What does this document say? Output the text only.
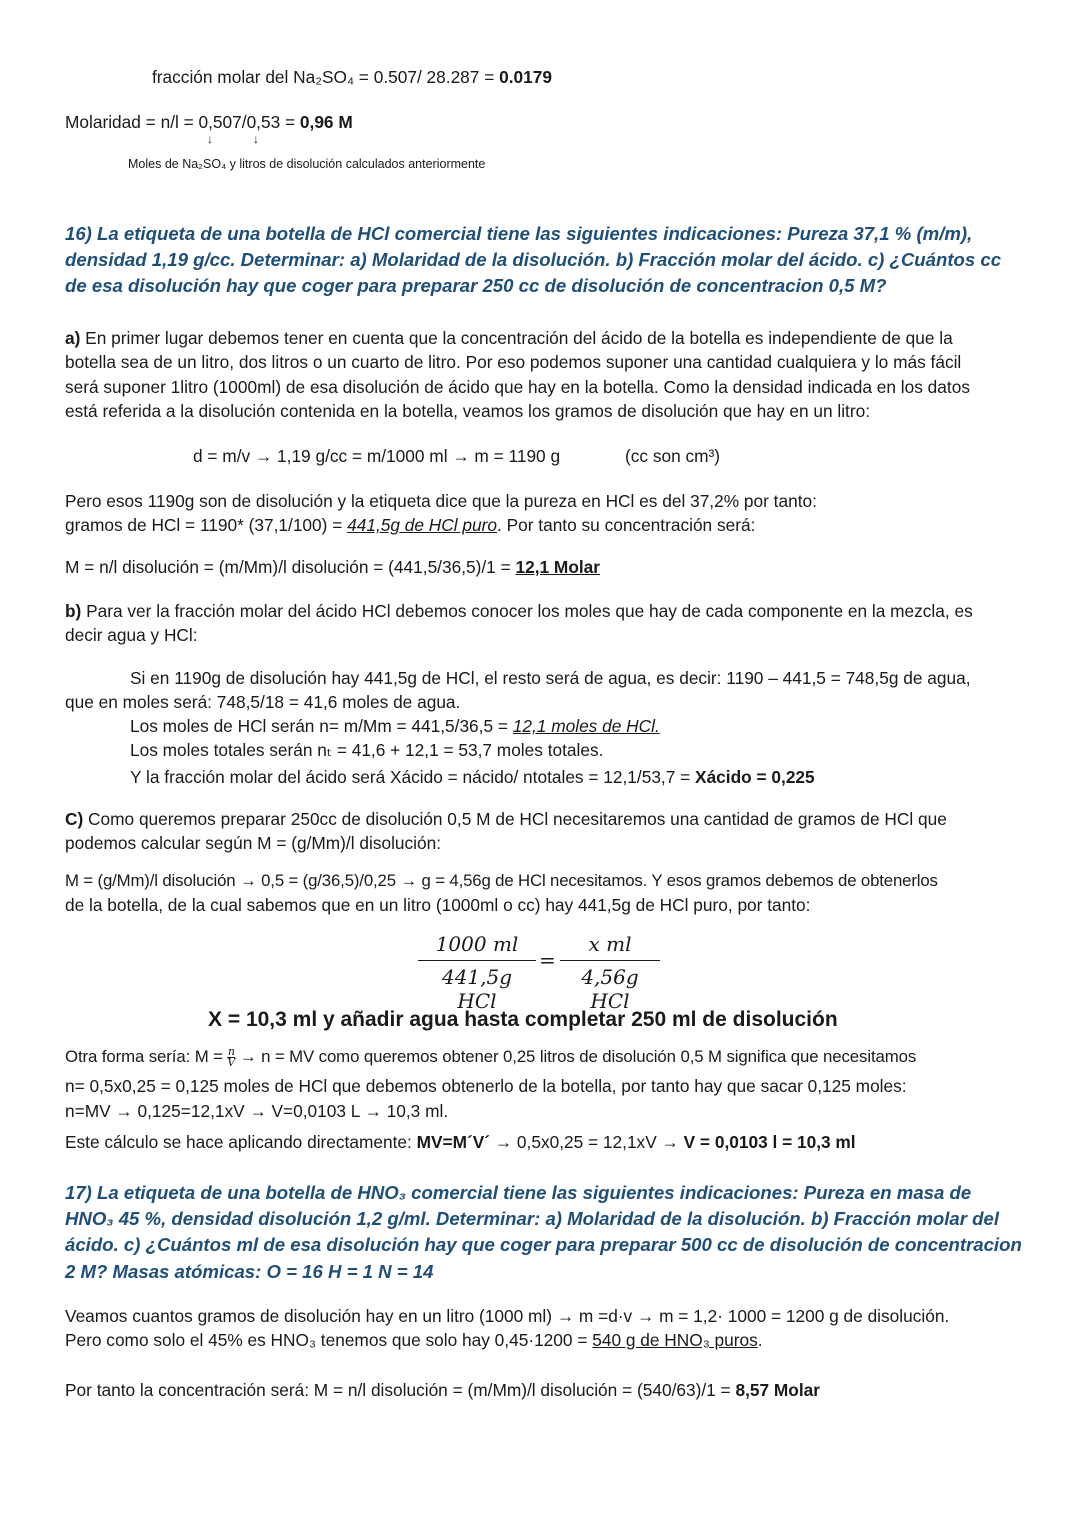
fracción molar del Na₂SO₄ = 0.507/ 28.287 = 0.0179
Molaridad = n/l = 0,507/0,53 = 0,96 M
↓	↓
Moles de Na₂SO₄ y litros de disolución calculados anteriormente
16) La etiqueta de una botella de HCl comercial tiene las siguientes indicaciones: Pureza 37,1 % (m/m),
densidad 1,19 g/cc. Determinar: a) Molaridad de la disolución. b) Fracción molar del ácido. c) ¿Cuántos cc
de esa disolución hay que coger para preparar 250 cc de disolución de concentracion 0,5 M?
a) En primer lugar debemos tener en cuenta que la concentración del ácido de la botella es independiente de que la
botella sea de un litro, dos litros o un cuarto de litro. Por eso podemos suponer una cantidad cualquiera y lo más fácil
será suponer 1litro (1000ml) de esa disolución de ácido que hay en la botella. Como la densidad indicada en los datos
está referida a la disolución contenida en la botella, veamos los gramos de disolución que hay en un litro:
d = m/v → 1,19 g/cc = m/1000 ml → m = 1190 g	(cc son cm³)
Pero esos 1190g son de disolución y la etiqueta dice que la pureza en HCl es del 37,2% por tanto:
gramos de HCl = 1190* (37,1/100) = 441,5g de HCl puro. Por tanto su concentración será:
M = n/l disolución = (m/Mm)/l disolución = (441,5/36,5)/1 = 12,1 Molar
b) Para ver la fracción molar del ácido HCl debemos conocer los moles que hay de cada componente en la mezcla, es
decir agua y HCl:
Si en 1190g de disolución hay 441,5g de HCl, el resto será de agua, es decir: 1190 – 441,5 = 748,5g de agua,
que en moles será: 748,5/18 = 41,6 moles de agua.
Los moles de HCl serán n= m/Mm = 441,5/36,5 = 12,1 moles de HCl.
Los moles totales serán nₜ = 41,6 + 12,1 = 53,7 moles totales.
Y la fracción molar del ácido será Xácido = nácido/ ntotales = 12,1/53,7 = Xácido = 0,225
C) Como queremos preparar 250cc de disolución 0,5 M de HCl necesitaremos una cantidad de gramos de HCl que
podemos calcular según M = (g/Mm)/l disolución:
M = (g/Mm)/l disolución → 0,5 = (g/36,5)/0,25 → g = 4,56g de HCl necesitamos. Y esos gramos debemos de obtenerlos
de la botella, de la cual sabemos que en un litro (1000ml o cc) hay 441,5g de HCl puro, por tanto:
1000 ml
441,5g HCl
=
x ml
4,56g HCl
X = 10,3 ml y añadir agua hasta completar 250 ml de disolución
Otra forma sería: $M = \frac{n}{V} \to n$ = MV como queremos obtener 0,25 litros de disolución 0,5 M significa que necesitamos
n= 0,5x0,25 = 0,125 moles de HCl que debemos obtenerlo de la botella, por tanto hay que sacar 0,125 moles:
n=MV → 0,125=12,1xV → V=0,0103 L → 10,3 ml.
Este cálculo se hace aplicando directamente: MV=M´V´ → 0,5x0,25 = 12,1xV → V = 0,0103 l = 10,3 ml
17) La etiqueta de una botella de HNO₃ comercial tiene las siguientes indicaciones: Pureza en masa de
HNO₃ 45 %, densidad disolución 1,2 g/ml. Determinar: a) Molaridad de la disolución. b) Fracción molar del
ácido. c) ¿Cuántos ml de esa disolución hay que coger para preparar 500 cc de disolución de concentracion
2 M? Masas atómicas: O = 16 H = 1 N = 14
Veamos cuantos gramos de disolución hay en un litro (1000 ml) → m =d·v → m = 1,2· 1000 = 1200 g de disolución.
Pero como solo el 45% es HNO₃ tenemos que solo hay 0,45·1200 = 540 g de HNO₃ puros.
Por tanto la concentración será: M = n/l disolución = (m/Mm)/l disolución = (540/63)/1 = 8,57 Molar
